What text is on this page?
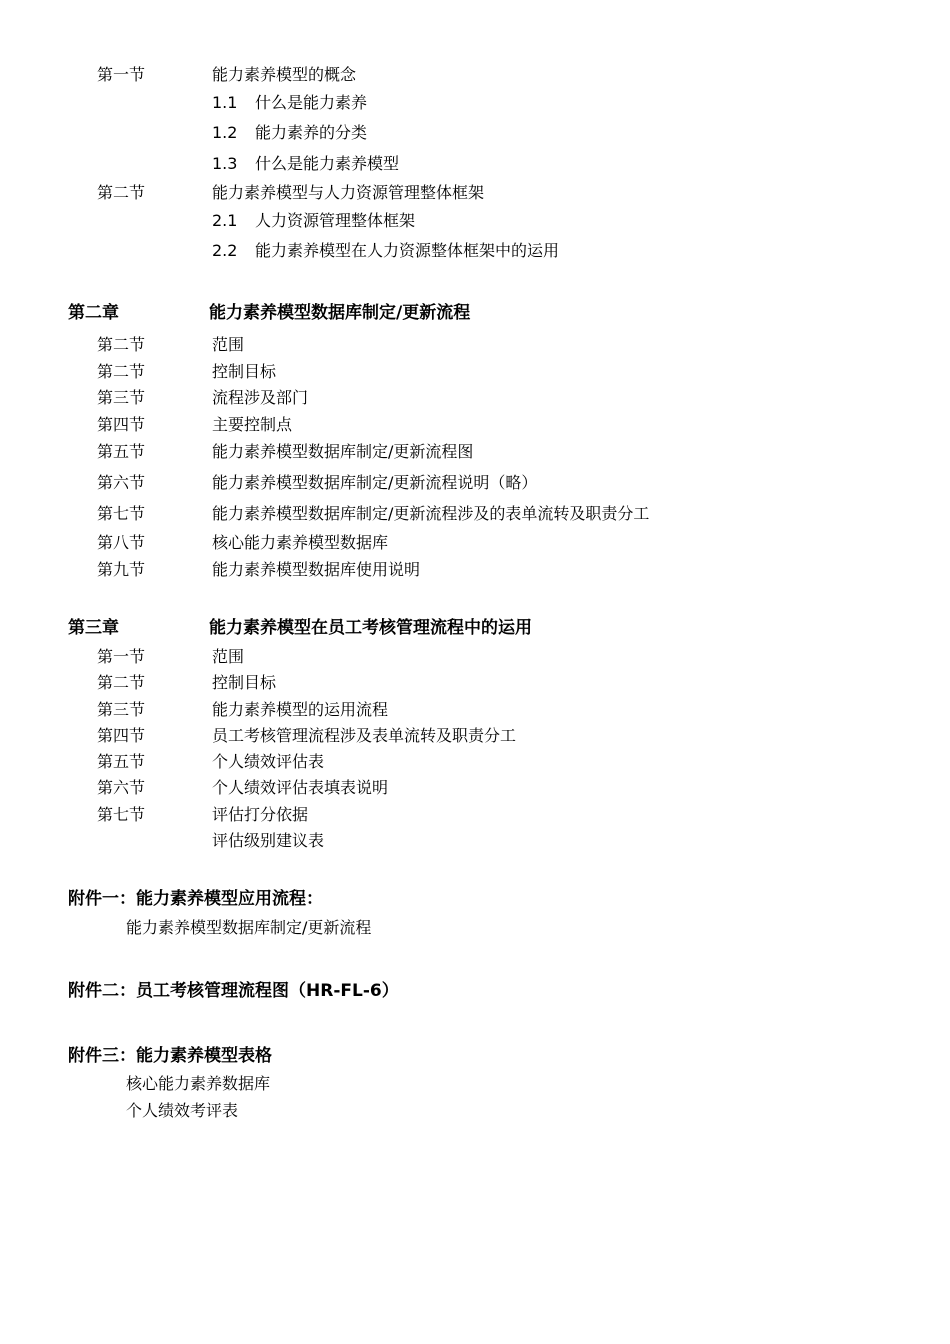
第一节	能力素养模型的概念
1.1 什么是能力素养
1.2 能力素养的分类
1.3 什么是能力素养模型
第二节	能力素养模型与人力资源管理整体框架
2.1 人力资源管理整体框架
2.2 能力素养模型在人力资源整体框架中的运用
第二章	能力素养模型数据库制定/更新流程
第二节	范围
第二节	控制目标
第三节	流程涉及部门
第四节	主要控制点
第五节	能力素养模型数据库制定/更新流程图
第六节	能力素养模型数据库制定/更新流程说明（略）
第七节	能力素养模型数据库制定/更新流程涉及的表单流转及职责分工
第八节	核心能力素养模型数据库
第九节	能力素养模型数据库使用说明
第三章	能力素养模型在员工考核管理流程中的运用
第一节	范围
第二节	控制目标
第三节	能力素养模型的运用流程
第四节	员工考核管理流程涉及表单流转及职责分工
第五节	个人绩效评估表
第六节	个人绩效评估表填表说明
第七节	评估打分依据
评估级别建议表
附件一：能力素养模型应用流程：
能力素养模型数据库制定/更新流程
附件二：员工考核管理流程图（HR-FL-6）
附件三：能力素养模型表格
核心能力素养数据库
个人绩效考评表
